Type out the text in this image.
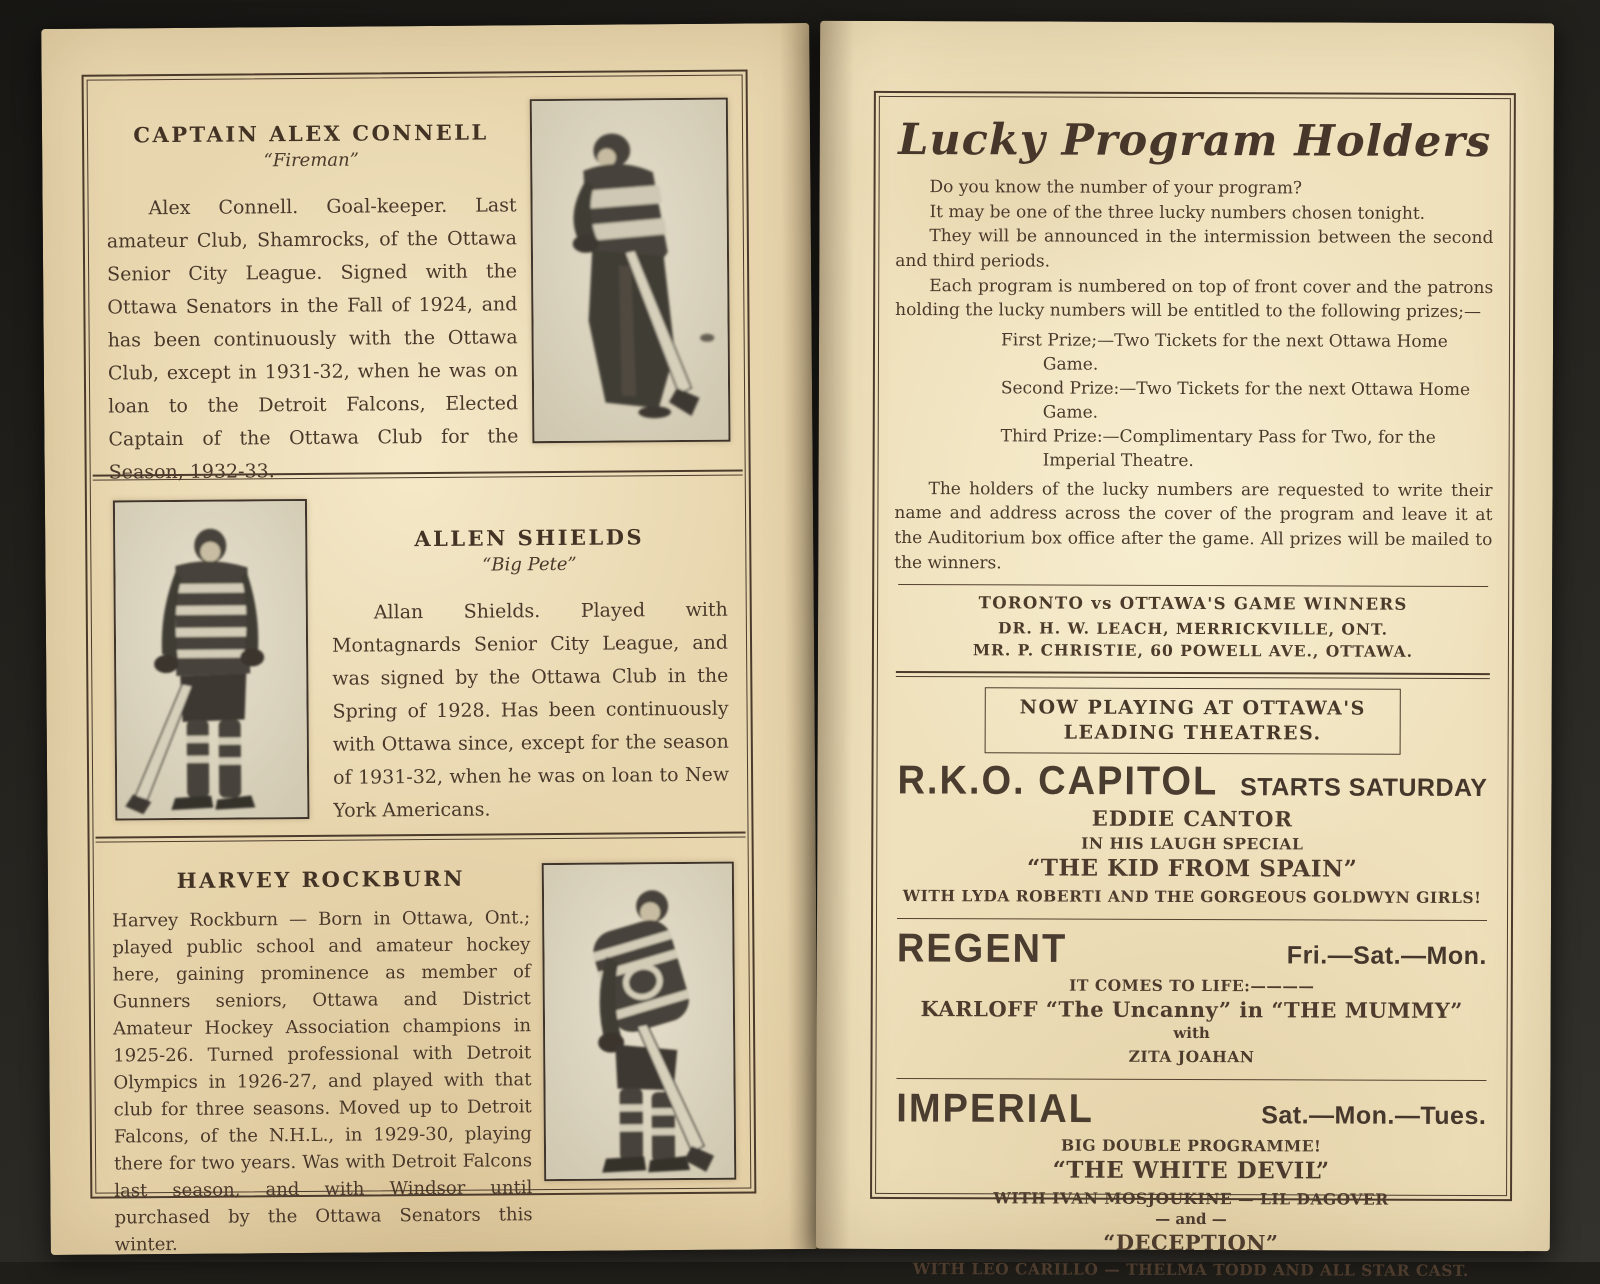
CAPTAIN ALEX CONNELL
“Fireman”

Alex Connell. Goal-keeper. Last amateur Club, Shamrocks, of the Ottawa Senior City League. Signed with the Ottawa Senators in the Fall of 1924, and has been continuously with the Ottawa Club, except in 1931-32, when he was on loan to the Detroit Falcons, Elected Captain of the Ottawa Club for the Season, 1932-33.

ALLEN SHIELDS
“Big Pete”

Allan Shields. Played with Montagnards Senior City League, and was signed by the Ottawa Club in the Spring of 1928. Has been continuously with Ottawa since, except for the season of 1931-32, when he was on loan to New York Americans.

HARVEY ROCKBURN

Harvey Rockburn — Born in Ottawa, Ont.; played public school and amateur hockey here, gaining prominence as member of Gunners seniors, Ottawa and District Amateur Hockey Association champions in 1925-26. Turned professional with Detroit Olympics in 1926-27, and played with that club for three seasons. Moved up to Detroit Falcons, of the N.H.L., in 1929-30, playing there for two years. Was with Detroit Falcons last season, and with Windsor until purchased by the Ottawa Senators this winter.

Lucky Program Holders

Do you know the number of your program?

It may be one of the three lucky numbers chosen tonight.

They will be announced in the intermission between the second and third periods.

Each program is numbered on top of front cover and the patrons holding the lucky numbers will be entitled to the following prizes;—

First Prize;—Two Tickets for the next Ottawa Home Game.

Second Prize:—Two Tickets for the next Ottawa Home Game.

Third Prize:—Complimentary Pass for Two, for the Imperial Theatre.

The holders of the lucky numbers are requested to write their name and address across the cover of the program and leave it at the Auditorium box office after the game. All prizes will be mailed to the winners.

TORONTO vs OTTAWA'S GAME WINNERS
DR. H. W. LEACH, MERRICKVILLE, ONT.
MR. P. CHRISTIE, 60 POWELL AVE., OTTAWA.
NOW PLAYING AT OTTAWA'S
LEADING THEATRES.
R.K.O. CAPITOL STARTS SATURDAY
EDDIE CANTOR
IN HIS LAUGH SPECIAL
“THE KID FROM SPAIN”
WITH LYDA ROBERTI AND THE GORGEOUS GOLDWYN GIRLS!
REGENT	Fri.—Sat.—Mon.
IT COMES TO LIFE:————
KARLOFF “The Uncanny” in “THE MUMMY”
with
ZITA JOAHAN
IMPERIAL	Sat.—Mon.—Tues.
BIG DOUBLE PROGRAMME!
“THE WHITE DEVIL”
WITH IVAN MOSJOUKINE — LIL DAGOVER
— and —
“DECEPTION”
WITH LEO CARILLO — THELMA TODD AND ALL STAR CAST.
